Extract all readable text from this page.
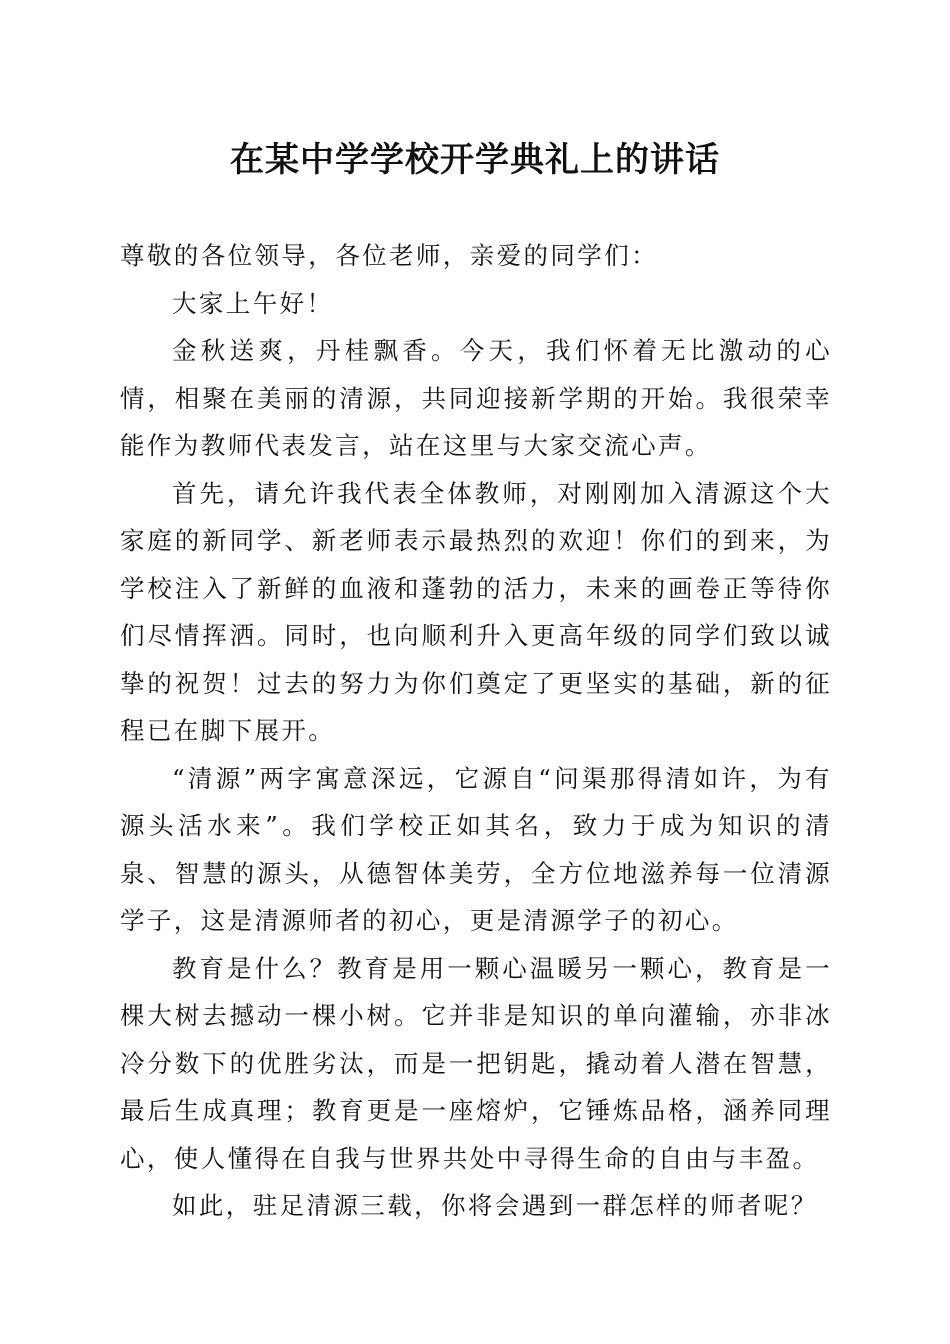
在某中学学校开学典礼上的讲话

尊敬的各位领导，各位老师，亲爱的同学们：

大家上午好！

金秋送爽，丹桂飘香。今天，我们怀着无比激动的心情，相聚在美丽的清源，共同迎接新学期的开始。我很荣幸能作为教师代表发言，站在这里与大家交流心声。

首先，请允许我代表全体教师，对刚刚加入清源这个大家庭的新同学、新老师表示最热烈的欢迎！你们的到来，为学校注入了新鲜的血液和蓬勃的活力，未来的画卷正等待你们尽情挥洒。同时，也向顺利升入更高年级的同学们致以诚挚的祝贺！过去的努力为你们奠定了更坚实的基础，新的征程已在脚下展开。

“清源”两字寓意深远，它源自“问渠那得清如许，为有源头活水来”。我们学校正如其名，致力于成为知识的清泉、智慧的源头，从德智体美劳，全方位地滋养每一位清源学子，这是清源师者的初心，更是清源学子的初心。

教育是什么？教育是用一颗心温暖另一颗心，教育是一棵大树去撼动一棵小树。它并非是知识的单向灌输，亦非冰冷分数下的优胜劣汰，而是一把钥匙，撬动着人潜在智慧，最后生成真理；教育更是一座熔炉，它锤炼品格，涵养同理心，使人懂得在自我与世界共处中寻得生命的自由与丰盈。

如此，驻足清源三载，你将会遇到一群怎样的师者呢？
